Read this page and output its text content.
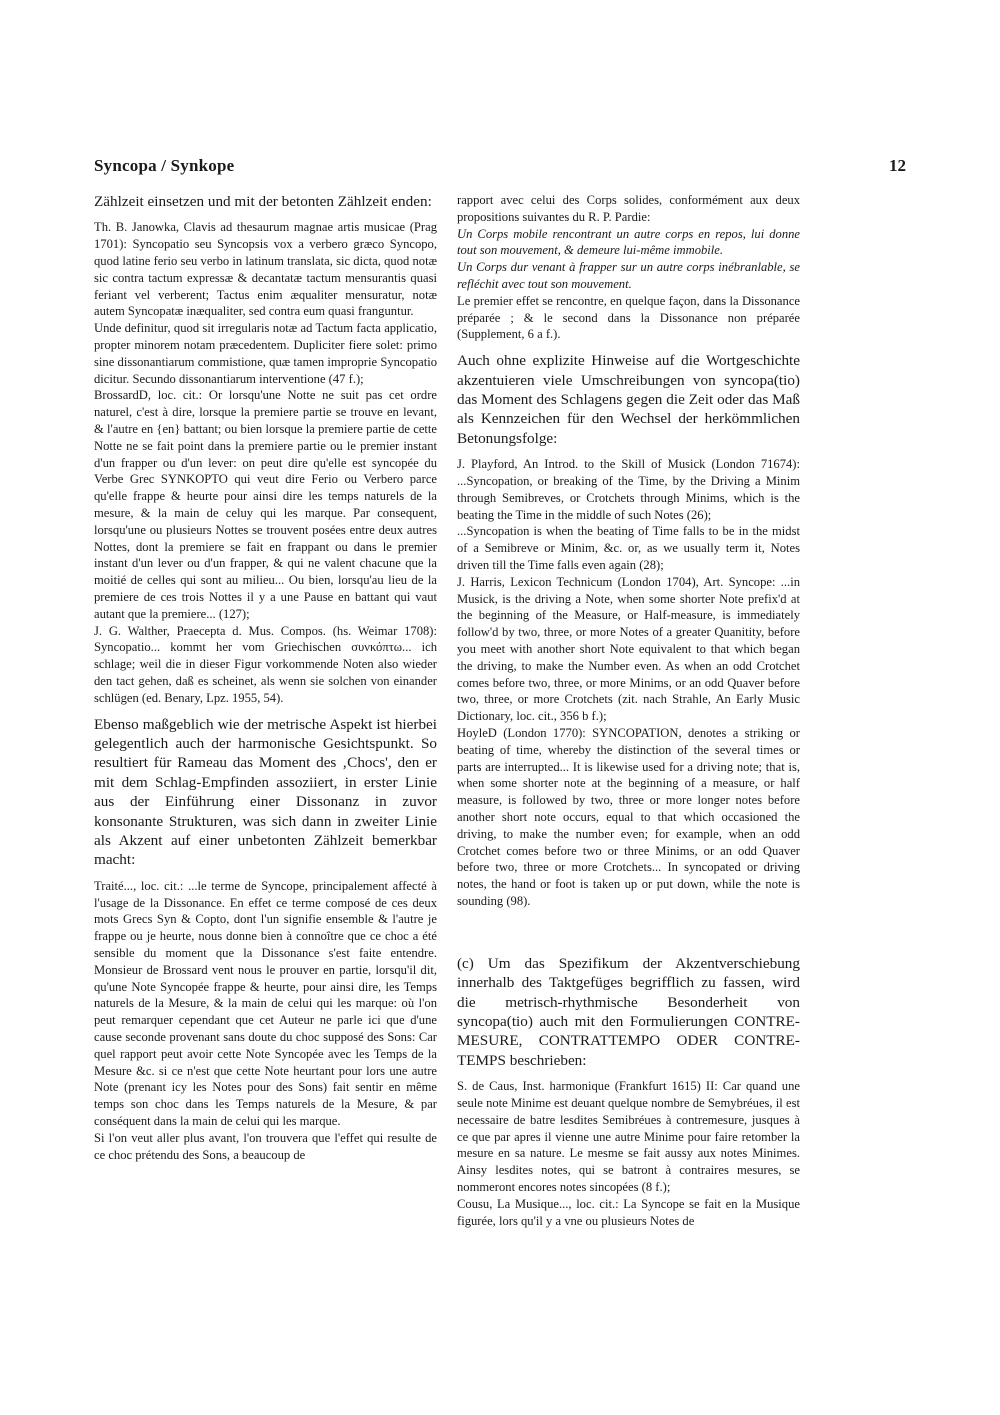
Syncopa / Synkope	12

Zählzeit einsetzen und mit der betonten Zählzeit enden:

Th. B. Janowka, Clavis ad thesaurum magnae artis musicae (Prag 1701): Syncopatio seu Syncopsis vox a verbero græco Syncopo, quod latine ferio seu verbo in latinum translata, sic dicta, quod notæ sic contra tactum expressæ & decantatæ tactum mensurantis quasi feriant vel verberent; Tactus enim æqualiter mensuratur, notæ autem Syncopatæ inæqualiter, sed contra eum quasi franguntur.

Unde definitur, quod sit irregularis notæ ad Tactum facta applicatio, propter minorem notam præcedentem. Dupliciter fiere solet: primo sine dissonantiarum commistione, quæ tamen improprie Syncopatio dicitur. Secundo dissonantiarum interventione (47 f.);

BrossardD, loc. cit.: Or lorsqu'une Notte ne suit pas cet ordre naturel, c'est à dire, lorsque la premiere partie se trouve en levant, & l'autre en {en} battant; ou bien lorsque la premiere partie de cette Notte ne se fait point dans la premiere partie ou le premier instant d'un frapper ou d'un lever: on peut dire qu'elle est syncopée du Verbe Grec SYNKOPTO qui veut dire Ferio ou Verbero parce qu'elle frappe & heurte pour ainsi dire les temps naturels de la mesure, & la main de celuy qui les marque. Par consequent, lorsqu'une ou plusieurs Nottes se trouvent posées entre deux autres Nottes, dont la premiere se fait en frappant ou dans le premier instant d'un lever ou d'un frapper, & qui ne valent chacune que la moitié de celles qui sont au milieu... Ou bien, lorsqu'au lieu de la premiere de ces trois Nottes il y a une Pause en battant qui vaut autant que la premiere... (127);

J. G. Walther, Praecepta d. Mus. Compos. (hs. Weimar 1708): Syncopatio... kommt her vom Griechischen συνκόπτω... ich schlage; weil die in dieser Figur vorkommende Noten also wieder den tact gehen, daß es scheinet, als wenn sie solchen von einander schlügen (ed. Benary, Lpz. 1955, 54).

Ebenso maßgeblich wie der metrische Aspekt ist hierbei gelegentlich auch der harmonische Gesichtspunkt. So resultiert für Rameau das Moment des ‚Chocs', den er mit dem Schlag-Empfinden assoziiert, in erster Linie aus der Einführung einer Dissonanz in zuvor konsonante Strukturen, was sich dann in zweiter Linie als Akzent auf einer unbetonten Zählzeit bemerkbar macht:

Traité..., loc. cit.: ...le terme de Syncope, principalement affecté à l'usage de la Dissonance. En effet ce terme composé de ces deux mots Grecs Syn & Copto, dont l'un signifie ensemble & l'autre je frappe ou je heurte, nous donne bien à connoître que ce choc a été sensible du moment que la Dissonance s'est faite entendre. Monsieur de Brossard vent nous le prouver en partie, lorsqu'il dit, qu'une Note Syncopée frappe & heurte, pour ainsi dire, les Temps naturels de la Mesure, & la main de celui qui les marque: où l'on peut remarquer cependant que cet Auteur ne parle ici que d'une cause seconde provenant sans doute du choc supposé des Sons: Car quel rapport peut avoir cette Note Syncopée avec les Temps de la Mesure &c. si ce n'est que cette Note heurtant pour lors une autre Note (prenant icy les Notes pour des Sons) fait sentir en même temps son choc dans les Temps naturels de la Mesure, & par conséquent dans la main de celui qui les marque.

Si l'on veut aller plus avant, l'on trouvera que l'effet qui resulte de ce choc prétendu des Sons, a beaucoup de

rapport avec celui des Corps solides, conformément aux deux propositions suivantes du R. P. Pardie:

Un Corps mobile rencontrant un autre corps en repos, lui donne tout son mouvement, & demeure lui-même immobile.

Un Corps dur venant à frapper sur un autre corps inébranlable, se refléchit avec tout son mouvement.

Le premier effet se rencontre, en quelque façon, dans la Dissonance préparée ; & le second dans la Dissonance non préparée (Supplement, 6 a f.).

Auch ohne explizite Hinweise auf die Wortgeschichte akzentuieren viele Umschreibungen von syncopa(tio) das Moment des Schlagens gegen die Zeit oder das Maß als Kennzeichen für den Wechsel der herkömmlichen Betonungsfolge:

J. Playford, An Introd. to the Skill of Musick (London 71674): ...Syncopation, or breaking of the Time, by the Driving a Minim through Semibreves, or Crotchets through Minims, which is the beating the Time in the middle of such Notes (26);

...Syncopation is when the beating of Time falls to be in the midst of a Semibreve or Minim, &c. or, as we usually term it, Notes driven till the Time falls even again (28);

J. Harris, Lexicon Technicum (London 1704), Art. Syncope: ...in Musick, is the driving a Note, when some shorter Note prefix'd at the beginning of the Measure, or Half-measure, is immediately follow'd by two, three, or more Notes of a greater Quanitity, before you meet with another short Note equivalent to that which began the driving, to make the Number even. As when an odd Crotchet comes before two, three, or more Minims, or an odd Quaver before two, three, or more Crotchets (zit. nach Strahle, An Early Music Dictionary, loc. cit., 356 b f.);

HoyleD (London 1770): SYNCOPATION, denotes a striking or beating of time, whereby the distinction of the several times or parts are interrupted... It is likewise used for a driving note; that is, when some shorter note at the beginning of a measure, or half measure, is followed by two, three or more longer notes before another short note occurs, equal to that which occasioned the driving, to make the number even; for example, when an odd Crotchet comes before two or three Minims, or an odd Quaver before two, three or more Crotchets... In syncopated or driving notes, the hand or foot is taken up or put down, while the note is sounding (98).

(c) Um das Spezifikum der Akzentverschiebung innerhalb des Taktgefüges begrifflich zu fassen, wird die metrisch-rhythmische Besonderheit von syncopa(tio) auch mit den Formulierungen CONTRE-MESURE, CONTRATTEMPO ODER CONTRE-TEMPS beschrieben:

S. de Caus, Inst. harmonique (Frankfurt 1615) II: Car quand une seule note Minime est deuant quelque nombre de Semybréues, il est necessaire de batre lesdites Semibréues à contremesure, jusques à ce que par apres il vienne une autre Minime pour faire retomber la mesure en sa nature. Le mesme se fait aussy aux notes Minimes. Ainsy lesdites notes, qui se batront à contraires mesures, se nommeront encores notes sincopées (8 f.);

Cousu, La Musique..., loc. cit.: La Syncope se fait en la Musique figurée, lors qu'il y a vne ou plusieurs Notes de
